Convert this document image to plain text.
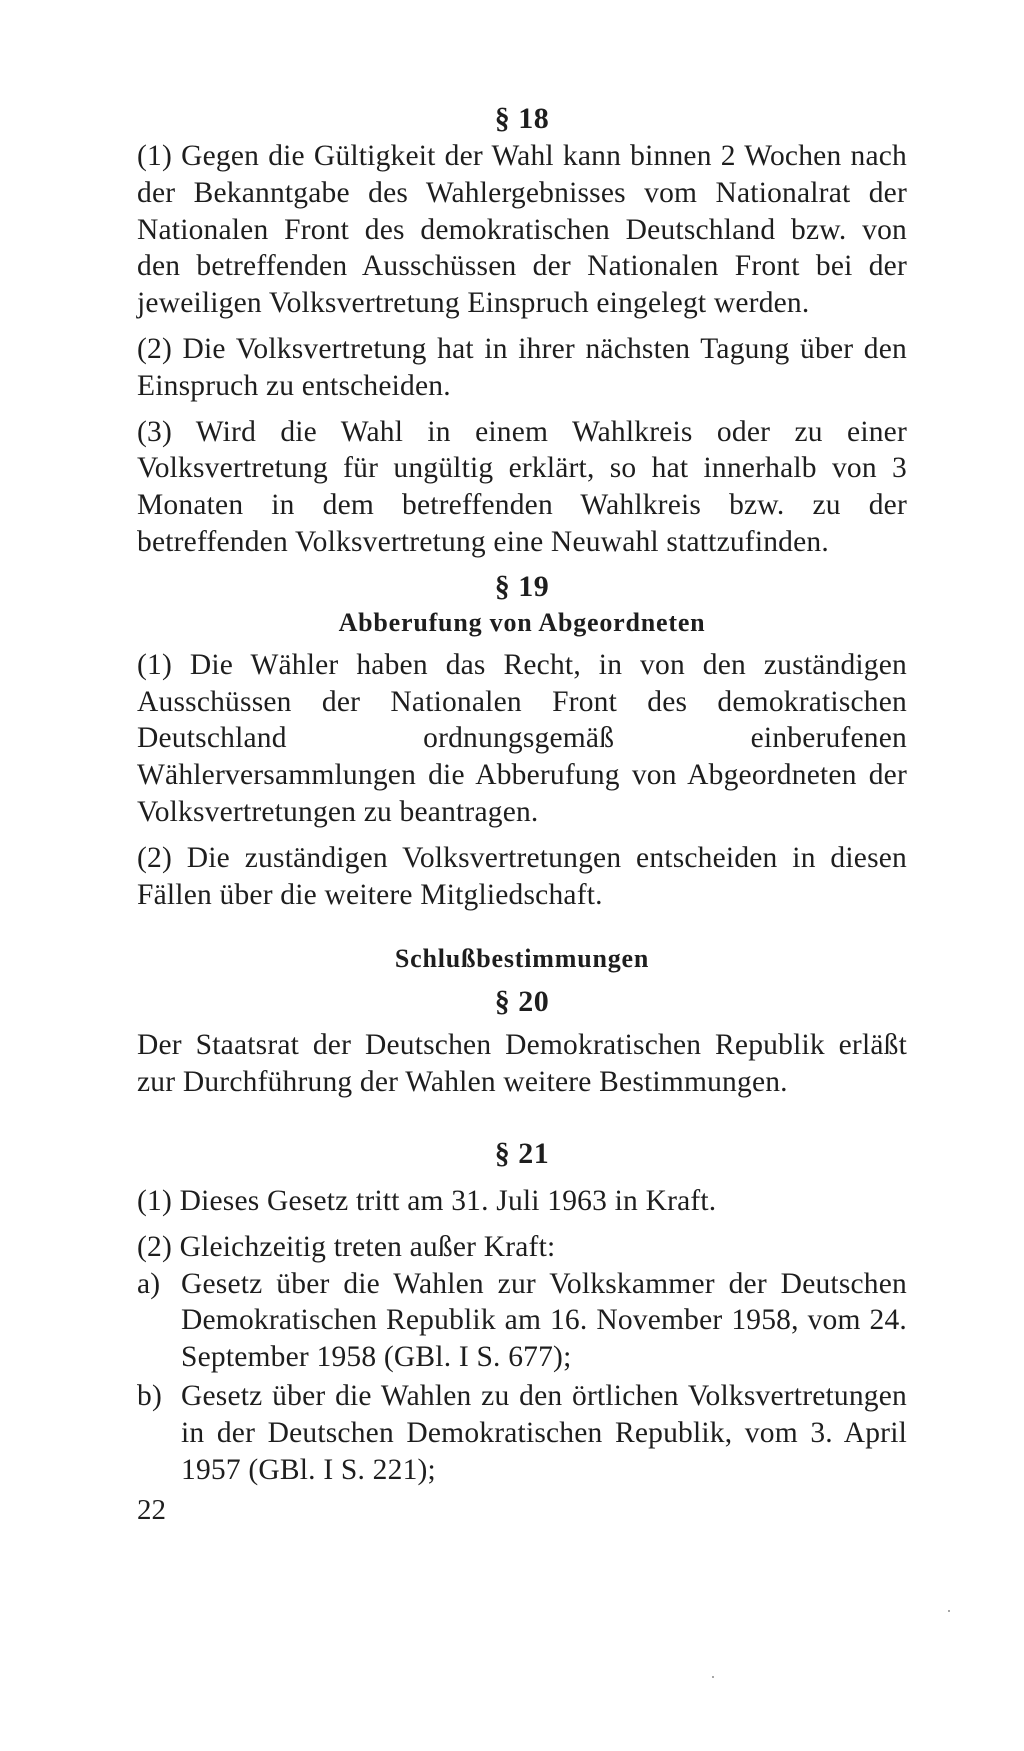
§ 18
(1) Gegen die Gültigkeit der Wahl kann binnen 2 Wochen nach der Bekanntgabe des Wahlergebnisses vom Nationalrat der Nationalen Front des demokratischen Deutschland bzw. von den betreffenden Ausschüssen der Nationalen Front bei der jeweiligen Volksvertretung Einspruch eingelegt werden.
(2) Die Volksvertretung hat in ihrer nächsten Tagung über den Einspruch zu entscheiden.
(3) Wird die Wahl in einem Wahlkreis oder zu einer Volksvertretung für ungültig erklärt, so hat innerhalb von 3 Monaten in dem betreffenden Wahlkreis bzw. zu der betreffenden Volksvertretung eine Neuwahl stattzufinden.
§ 19
Abberufung von Abgeordneten
(1) Die Wähler haben das Recht, in von den zuständigen Ausschüssen der Nationalen Front des demokratischen Deutschland ordnungsgemäß einberufenen Wählerversammlungen die Abberufung von Abgeordneten der Volksvertretungen zu beantragen.
(2) Die zuständigen Volksvertretungen entscheiden in diesen Fällen über die weitere Mitgliedschaft.
Schlußbestimmungen
§ 20
Der Staatsrat der Deutschen Demokratischen Republik erläßt zur Durchführung der Wahlen weitere Bestimmungen.
§ 21
(1) Dieses Gesetz tritt am 31. Juli 1963 in Kraft.
(2) Gleichzeitig treten außer Kraft:
a) Gesetz über die Wahlen zur Volkskammer der Deutschen Demokratischen Republik am 16. November 1958, vom 24. September 1958 (GBl. I S. 677);
b) Gesetz über die Wahlen zu den örtlichen Volksvertretungen in der Deutschen Demokratischen Republik, vom 3. April 1957 (GBl. I S. 221);
22
